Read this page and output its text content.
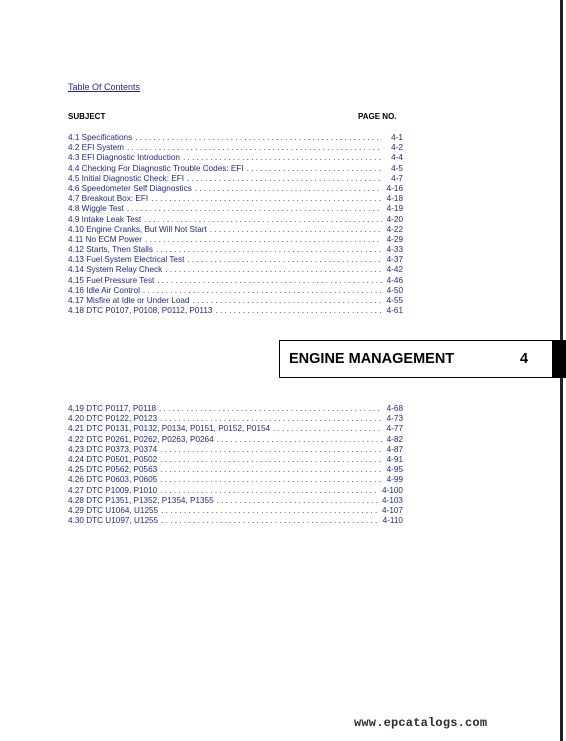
Table Of Contents
SUBJECT	PAGE NO.
4.1 Specifications . . .	4-1
4.2 EFI System . . .	4-2
4.3 EFI Diagnostic Introduction . . .	4-4
4.4 Checking For Diagnostic Trouble Codes: EFI . . .	4-5
4.5 Initial Diagnostic Check: EFI . . .	4-7
4.6 Speedometer Self Diagnostics . . .	4-16
4.7 Breakout Box: EFI . . .	4-18
4.8 Wiggle Test . . .	4-19
4.9 Intake Leak Test . . .	4-20
4.10 Engine Cranks, But Will Not Start . . .	4-22
4.11 No ECM Power . . .	4-29
4.12 Starts, Then Stalls . . .	4-33
4.13 Fuel System Electrical Test . . .	4-37
4.14 System Relay Check . . .	4-42
4.15 Fuel Pressure Test . . .	4-46
4.16 Idle Air Control . . .	4-50
4.17 Misfire at Idle or Under Load . . .	4-55
4.18 DTC P0107, P0108, P0112, P0113 . . .	4-61
ENGINE MANAGEMENT	4
4.19 DTC P0117, P0118 . . .	4-68
4.20 DTC P0122, P0123 . . .	4-73
4.21 DTC P0131, P0132, P0134, P0151, P0152, P0154 . . .	4-77
4.22 DTC P0261, P0262, P0263, P0264 . . .	4-82
4.23 DTC P0373, P0374 . . .	4-87
4.24 DTC P0501, P0502 . . .	4-91
4.25 DTC P0562, P0563 . . .	4-95
4.26 DTC P0603, P0605 . . .	4-99
4.27 DTC P1009, P1010 . . .	4-100
4.28 DTC P1351, P1352, P1354, P1355 . . .	4-103
4.29 DTC U1064, U1255 . . .	4-107
4.30 DTC U1097, U1255 . . .	4-110
www.epcatalogs.com
